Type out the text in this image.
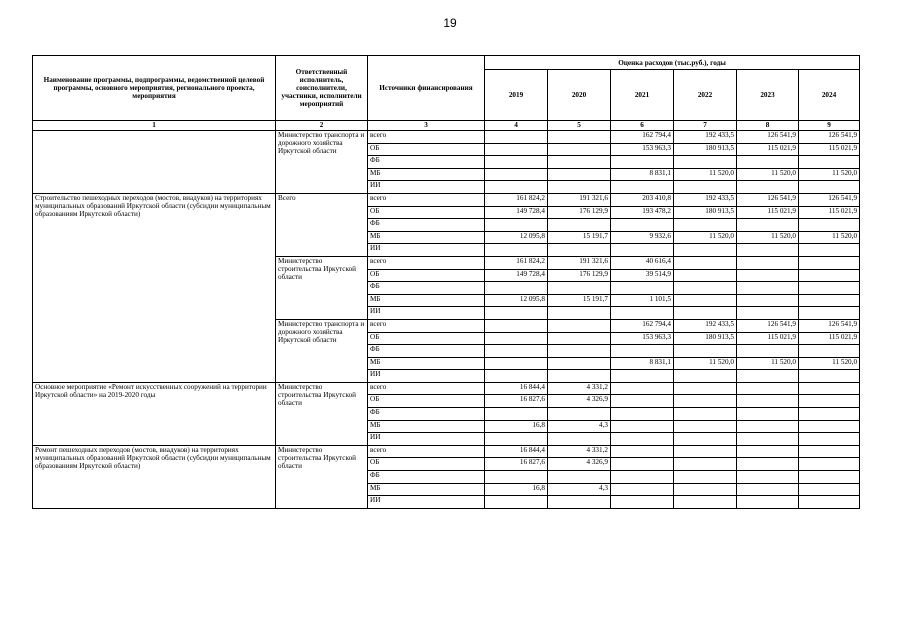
19
Наименование программы, подпрограммы, ведомственной целевой программы, основного мероприятия, регионального проекта, мероприятия	Ответственный исполнитель, соисполнители, участники, исполнители мероприятий	Источники финансирования	Оценка расходов (тыс.руб.), годы					
			2019	2020	2021	2022	2023	2024
1	2	3	4	5	6	7	8	9
	Министерство транспорта и дорожного хозяйства Иркутской области	всего			162 794,4	192 433,5	126 541,9	126 541,9
		ОБ			153 963,3	180 913,5	115 021,9	115 021,9
		ФБ						
		МБ			8 831,1	11 520,0	11 520,0	11 520,0
		ИИ						
Строительство пешеходных переходов (мостов, виадуков) на территориях муниципальных образований Иркутской области (субсидии муниципальным образованиям Иркутской области)	Всего	всего	161 824,2	191 321,6	203 410,8	192 433,5	126 541,9	126 541,9
		ОБ	149 728,4	176 129,9	193 478,2	180 913,5	115 021,9	115 021,9
		ФБ						
		МБ	12 095,8	15 191,7	9 932,6	11 520,0	11 520,0	11 520,0
		ИИ						
	Министерство строительства Иркутской области	всего	161 824,2	191 321,6	40 616,4			
		ОБ	149 728,4	176 129,9	39 514,9			
		ФБ						
		МБ	12 095,8	15 191,7	1 101,5			
		ИИ						
	Министерство транспорта и дорожного хозяйства Иркутской области	всего			162 794,4	192 433,5	126 541,9	126 541,9
		ОБ			153 963,3	180 913,5	115 021,9	115 021,9
		ФБ						
		МБ			8 831,1	11 520,0	11 520,0	11 520,0
		ИИ						
Основное мероприятие «Ремонт искусственных сооружений на территории Иркутской области» на 2019-2020 годы	Министерство строительства Иркутской области	всего	16 844,4	4 331,2				
		ОБ	16 827,6	4 326,9				
		ФБ						
		МБ	16,8	4,3				
		ИИ						
Ремонт пешеходных переходов (мостов, виадуков) на территориях муниципальных образований Иркутской области (субсидии муниципальным образованиям Иркутской области)	Министерство строительства Иркутской области	всего	16 844,4	4 331,2				
		ОБ	16 827,6	4 326,9				
		ФБ						
		МБ	16,8	4,3				
		ИИ						
